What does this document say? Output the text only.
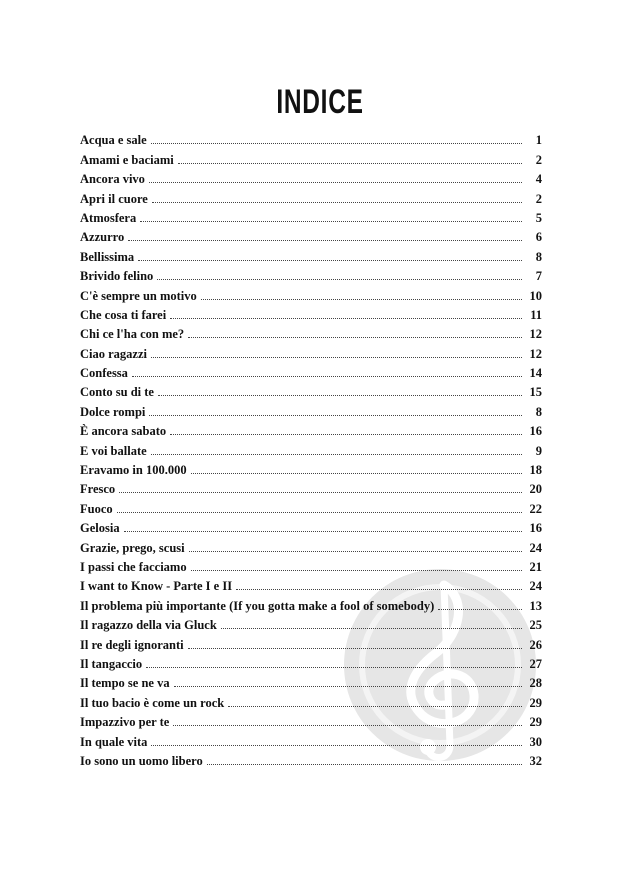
INDICE
Acqua e sale	1
Amami e baciami	2
Ancora vivo	4
Apri il cuore	2
Atmosfera	5
Azzurro	6
Bellissima	8
Brivido felino	7
C'è sempre un motivo	10
Che cosa ti farei	11
Chi ce l'ha con me?	12
Ciao ragazzi	12
Confessa	14
Conto su di te	15
Dolce rompi	8
È ancora sabato	16
E voi ballate	9
Eravamo in 100.000	18
Fresco	20
Fuoco	22
Gelosia	16
Grazie, prego, scusi	24
I passi che facciamo	21
I want to Know - Parte I e II	24
Il problema più importante (If you gotta make a fool of somebody)	13
Il ragazzo della via Gluck	25
Il re degli ignoranti	26
Il tangaccio	27
Il tempo se ne va	28
Il tuo bacio è come un rock	29
Impazzivo per te	29
In quale vita	30
Io sono un uomo libero	32
